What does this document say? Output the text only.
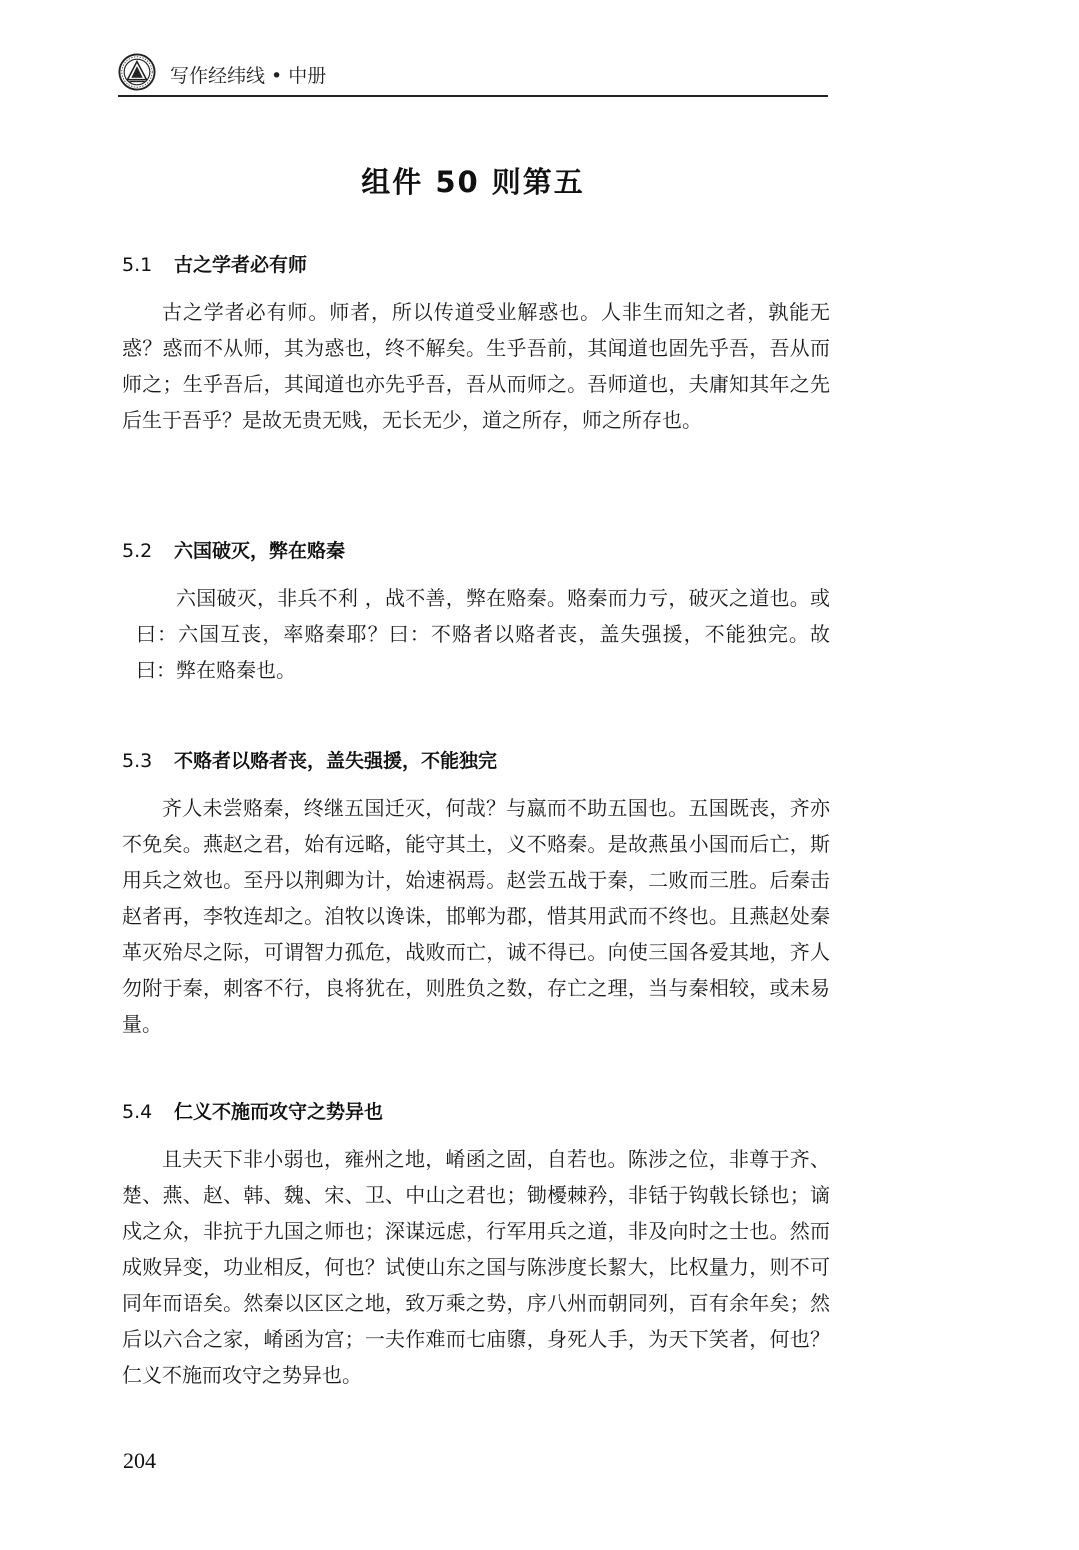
写作经纬线 • 中册
组件 50 则第五
5.1 古之学者必有师
古之学者必有师。师者，所以传道受业解惑也。人非生而知之者，孰能无惑？惑而不从师，其为惑也，终不解矣。生乎吾前，其闻道也固先乎吾，吾从而师之；生乎吾后，其闻道也亦先乎吾，吾从而师之。吾师道也，夫庸知其年之先后生于吾乎？是故无贵无贱，无长无少，道之所存，师之所存也。
5.2 六国破灭，弊在赂秦
六国破灭，非兵不利 ，战不善，弊在赂秦。赂秦而力亏，破灭之道也。或曰：六国互丧，率赂秦耶？曰：不赂者以赂者丧，盖失强援，不能独完。故曰：弊在赂秦也。
5.3 不赂者以赂者丧，盖失强援，不能独完
齐人未尝赂秦，终继五国迁灭，何哉？与嬴而不助五国也。五国既丧，齐亦不免矣。燕赵之君，始有远略，能守其土，义不赂秦。是故燕虽小国而后亡，斯用兵之效也。至丹以荆卿为计，始速祸焉。赵尝五战于秦，二败而三胜。后秦击赵者再，李牧连却之。洎牧以谗诛，邯郸为郡，惜其用武而不终也。且燕赵处秦革灭殆尽之际，可谓智力孤危，战败而亡，诚不得已。向使三国各爱其地，齐人勿附于秦，刺客不行，良将犹在，则胜负之数，存亡之理，当与秦相较，或未易量。
5.4 仁义不施而攻守之势异也
且夫天下非小弱也，雍州之地，崤函之固，自若也。陈涉之位，非尊于齐、楚、燕、赵、韩、魏、宋、卫、中山之君也；锄櫌棘矜，非铦于钩戟长铩也；谪戍之众，非抗于九国之师也；深谋远虑，行军用兵之道，非及向时之士也。然而成败异变，功业相反，何也？试使山东之国与陈涉度长絜大，比权量力，则不可同年而语矣。然秦以区区之地，致万乘之势，序八州而朝同列，百有余年矣；然后以六合之家，崤函为宫；一夫作难而七庙隳，身死人手，为天下笑者，何也？仁义不施而攻守之势异也。
204
